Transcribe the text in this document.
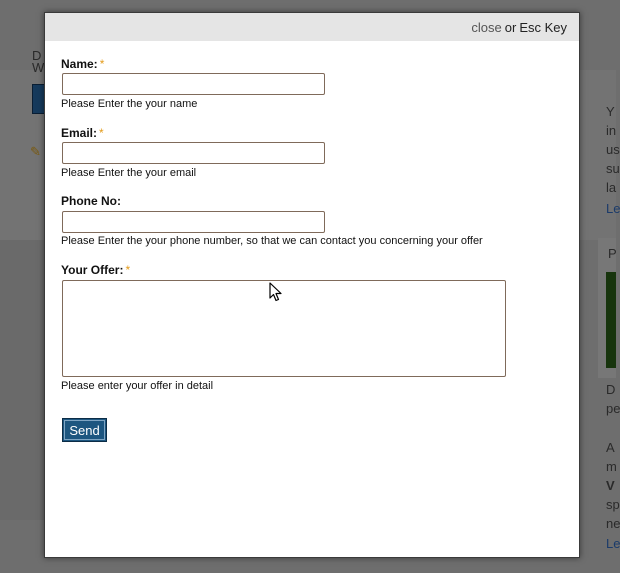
D
W
✎
Y
in
us
su
la
Le
P
D
pe
A
m
V
sp
ne
Le
close or Esc Key
Name: *
Please Enter the your name
Email: *
Please Enter the your email
Phone No:
Please Enter the your phone number, so that we can contact you concerning your offer
Your Offer: *
Please enter your offer in detail
Send
